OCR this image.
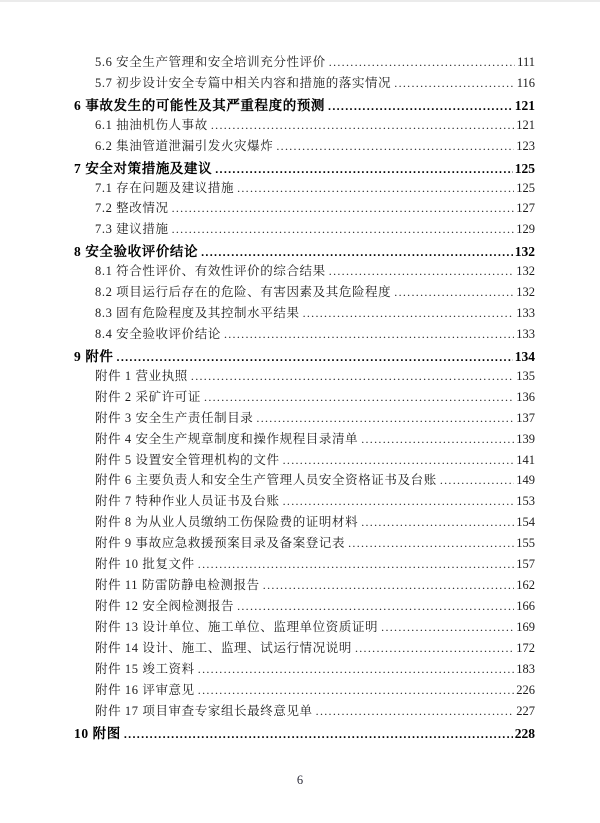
5.6 安全生产管理和安全培训充分性评价 .....	111
5.7 初步设计安全专篇中相关内容和措施的落实情况 .....	116
6 事故发生的可能性及其严重程度的预测 .....	121
6.1 抽油机伤人事故 .....	121
6.2 集油管道泄漏引发火灾爆炸 .....	123
7 安全对策措施及建议 .....	125
7.1 存在问题及建议措施 .....	125
7.2 整改情况 .....	127
7.3 建议措施 .....	129
8 安全验收评价结论 .....	132
8.1 符合性评价、有效性评价的综合结果 .....	132
8.2 项目运行后存在的危险、有害因素及其危险程度 .....	132
8.3 固有危险程度及其控制水平结果 .....	133
8.4 安全验收评价结论 .....	133
9 附件 .....	134
附件 1 营业执照 .....	135
附件 2 采矿许可证 .....	136
附件 3 安全生产责任制目录 .....	137
附件 4 安全生产规章制度和操作规程目录清单 .....	139
附件 5 设置安全管理机构的文件 .....	141
附件 6 主要负责人和安全生产管理人员安全资格证书及台账 .....	149
附件 7 特种作业人员证书及台账 .....	153
附件 8 为从业人员缴纳工伤保险费的证明材料 .....	154
附件 9 事故应急救援预案目录及备案登记表 .....	155
附件 10 批复文件 .....	157
附件 11 防雷防静电检测报告 .....	162
附件 12 安全阀检测报告 .....	166
附件 13 设计单位、施工单位、监理单位资质证明 .....	169
附件 14 设计、施工、监理、试运行情况说明 .....	172
附件 15 竣工资料 .....	183
附件 16 评审意见 .....	226
附件 17 项目审查专家组长最终意见单 .....	227
10 附图 .....	228
6
